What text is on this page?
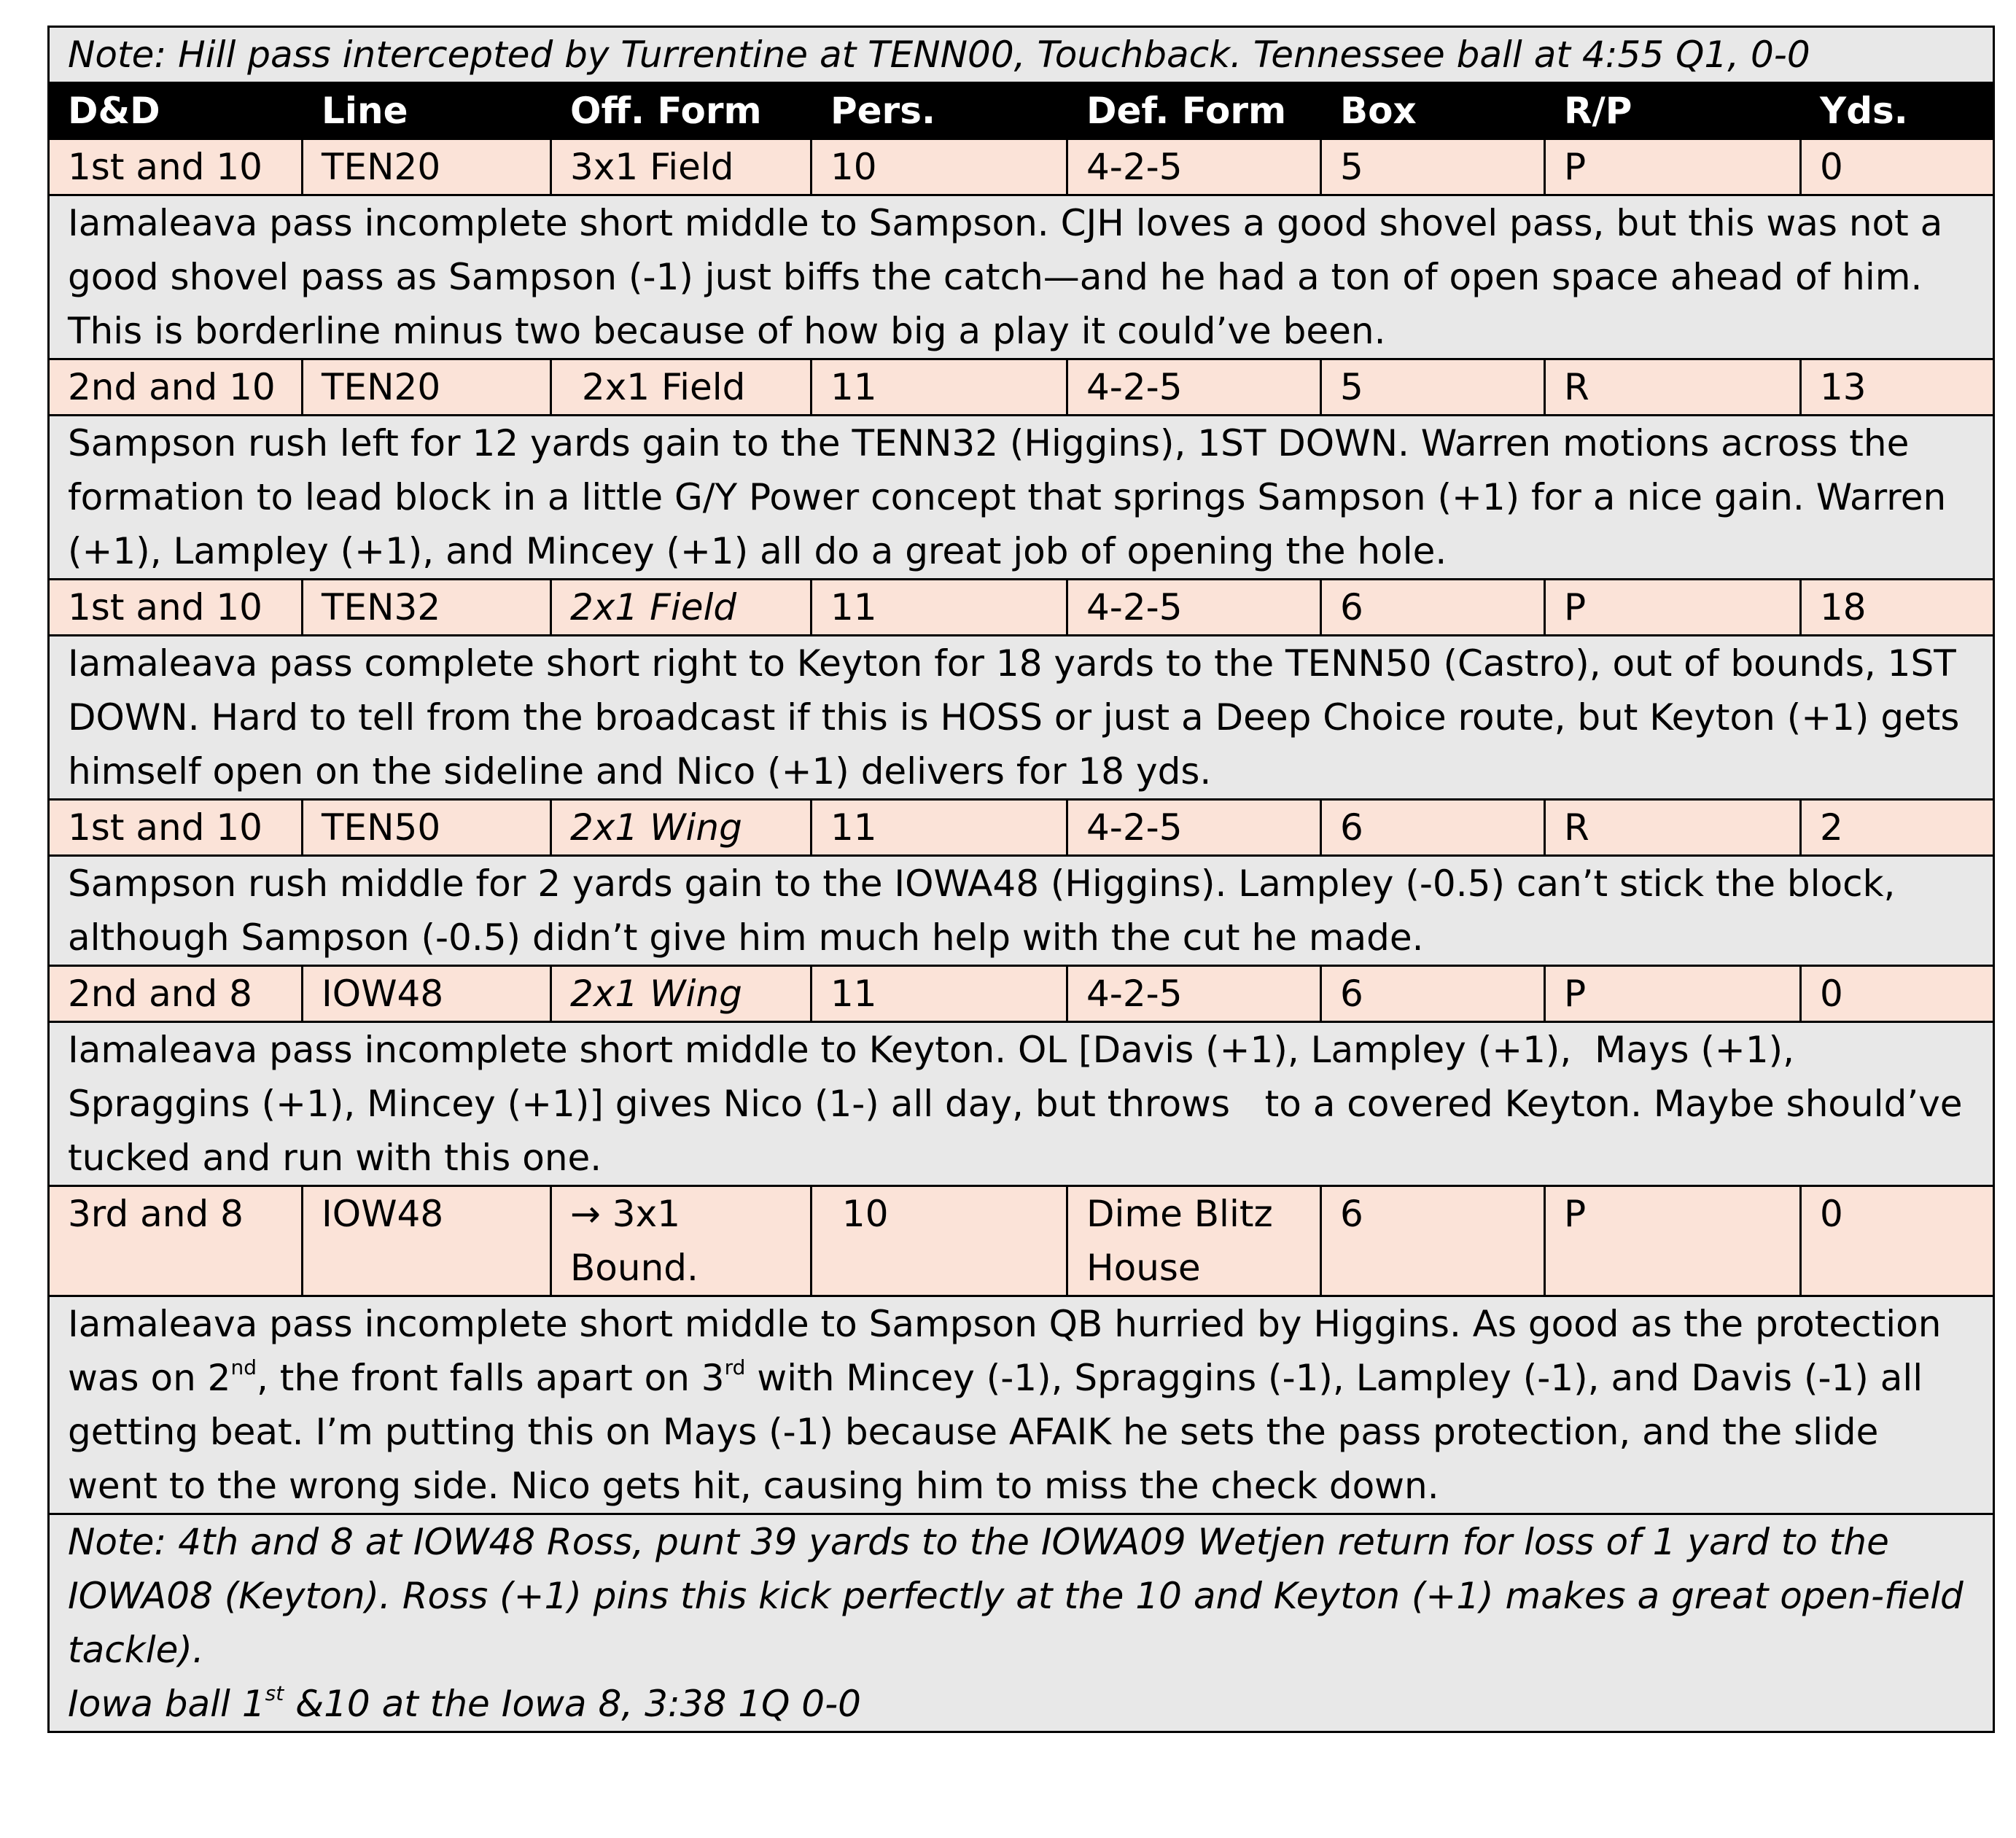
Note: Hill pass intercepted by Turrentine at TENN00, Touchback. Tennessee ball at 4:55 Q1, 0-0							
D&D	Line	Off. Form	Pers.	Def. Form	Box	R/P	Yds.
1st and 10	TEN20	3x1 Field	10	4-2-5	5	P	0
Iamaleava pass incomplete short middle to Sampson. CJH loves a good shovel pass, but this was not a good shovel pass as Sampson (-1) just biffs the catch—and he had a ton of open space ahead of him. This is borderline minus two because of how big a play it could’ve been.							
2nd and 10	TEN20	2x1 Field	11	4-2-5	5	R	13
Sampson rush left for 12 yards gain to the TENN32 (Higgins), 1ST DOWN. Warren motions across the formation to lead block in a little G/Y Power concept that springs Sampson (+1) for a nice gain. Warren (+1), Lampley (+1), and Mincey (+1) all do a great job of opening the hole.							
1st and 10	TEN32	2x1 Field	11	4-2-5	6	P	18
Iamaleava pass complete short right to Keyton for 18 yards to the TENN50 (Castro), out of bounds, 1ST DOWN. Hard to tell from the broadcast if this is HOSS or just a Deep Choice route, but Keyton (+1) gets himself open on the sideline and Nico (+1) delivers for 18 yds.							
1st and 10	TEN50	2x1 Wing	11	4-2-5	6	R	2
Sampson rush middle for 2 yards gain to the IOWA48 (Higgins). Lampley (-0.5) can’t stick the block, although Sampson (-0.5) didn’t give him much help with the cut he made.							
2nd and 8	IOW48	2x1 Wing	11	4-2-5	6	P	0
Iamaleava pass incomplete short middle to Keyton. OL [Davis (+1), Lampley (+1),  Mays (+1), Spraggins (+1), Mincey (+1)] gives Nico (1-) all day, but throws   to a covered Keyton. Maybe should’ve tucked and run with this one.							
3rd and 8	IOW48	→ 3x1 Bound.	10	Dime Blitz House	6	P	0
Iamaleava pass incomplete short middle to Sampson QB hurried by Higgins. As good as the protection was on 2nd, the front falls apart on 3rd with Mincey (-1), Spraggins (-1), Lampley (-1), and Davis (-1) all getting beat. I’m putting this on Mays (-1) because AFAIK he sets the pass protection, and the slide went to the wrong side. Nico gets hit, causing him to miss the check down.							

Note: 4th and 8 at IOW48 Ross, punt 39 yards to the IOWA09 Wetjen return for loss of 1 yard to the IOWA08 (Keyton). Ross (+1) pins this kick perfectly at the 10 and Keyton (+1) makes a great open-field tackle).
Iowa ball 1st &10 at the Iowa 8, 3:38 1Q 0-0							
